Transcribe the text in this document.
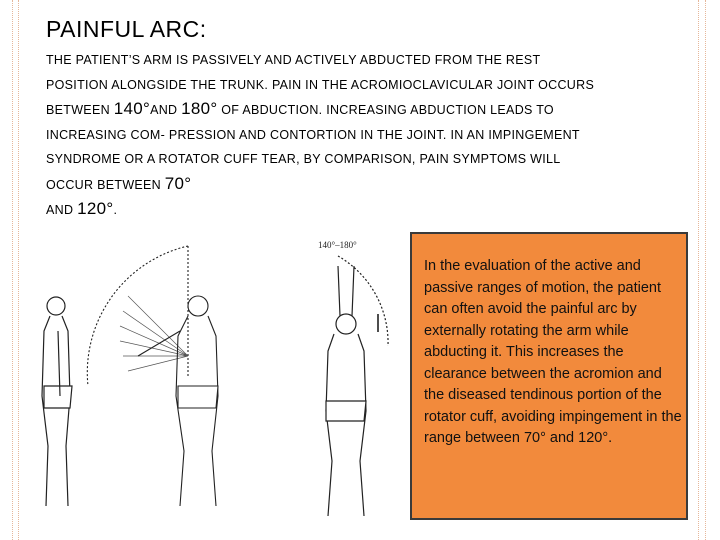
PAINFUL ARC:

THE PATIENT’S ARM IS PASSIVELY AND ACTIVELY ABDUCTED FROM THE REST POSITION ALONGSIDE THE TRUNK. PAIN IN THE ACROMIOCLAVICULAR JOINT OCCURS BETWEEN 140°AND 180° OF ABDUCTION. INCREASING ABDUCTION LEADS TO INCREASING COM- PRESSION AND CONTORTION IN THE JOINT. IN AN IMPINGEMENT SYNDROME OR A ROTATOR CUFF TEAR, BY COMPARISON, PAIN SYMPTOMS WILL OCCUR BETWEEN 70°
AND 120°.

140°–180°

In the evaluation of the active and passive ranges of motion, the patient can often avoid the painful arc by externally rotating the arm while abducting it. This increases the clearance between the acromion and the diseased tendinous portion of the rotator cuff, avoiding impingement in the range between 70° and 120°.
